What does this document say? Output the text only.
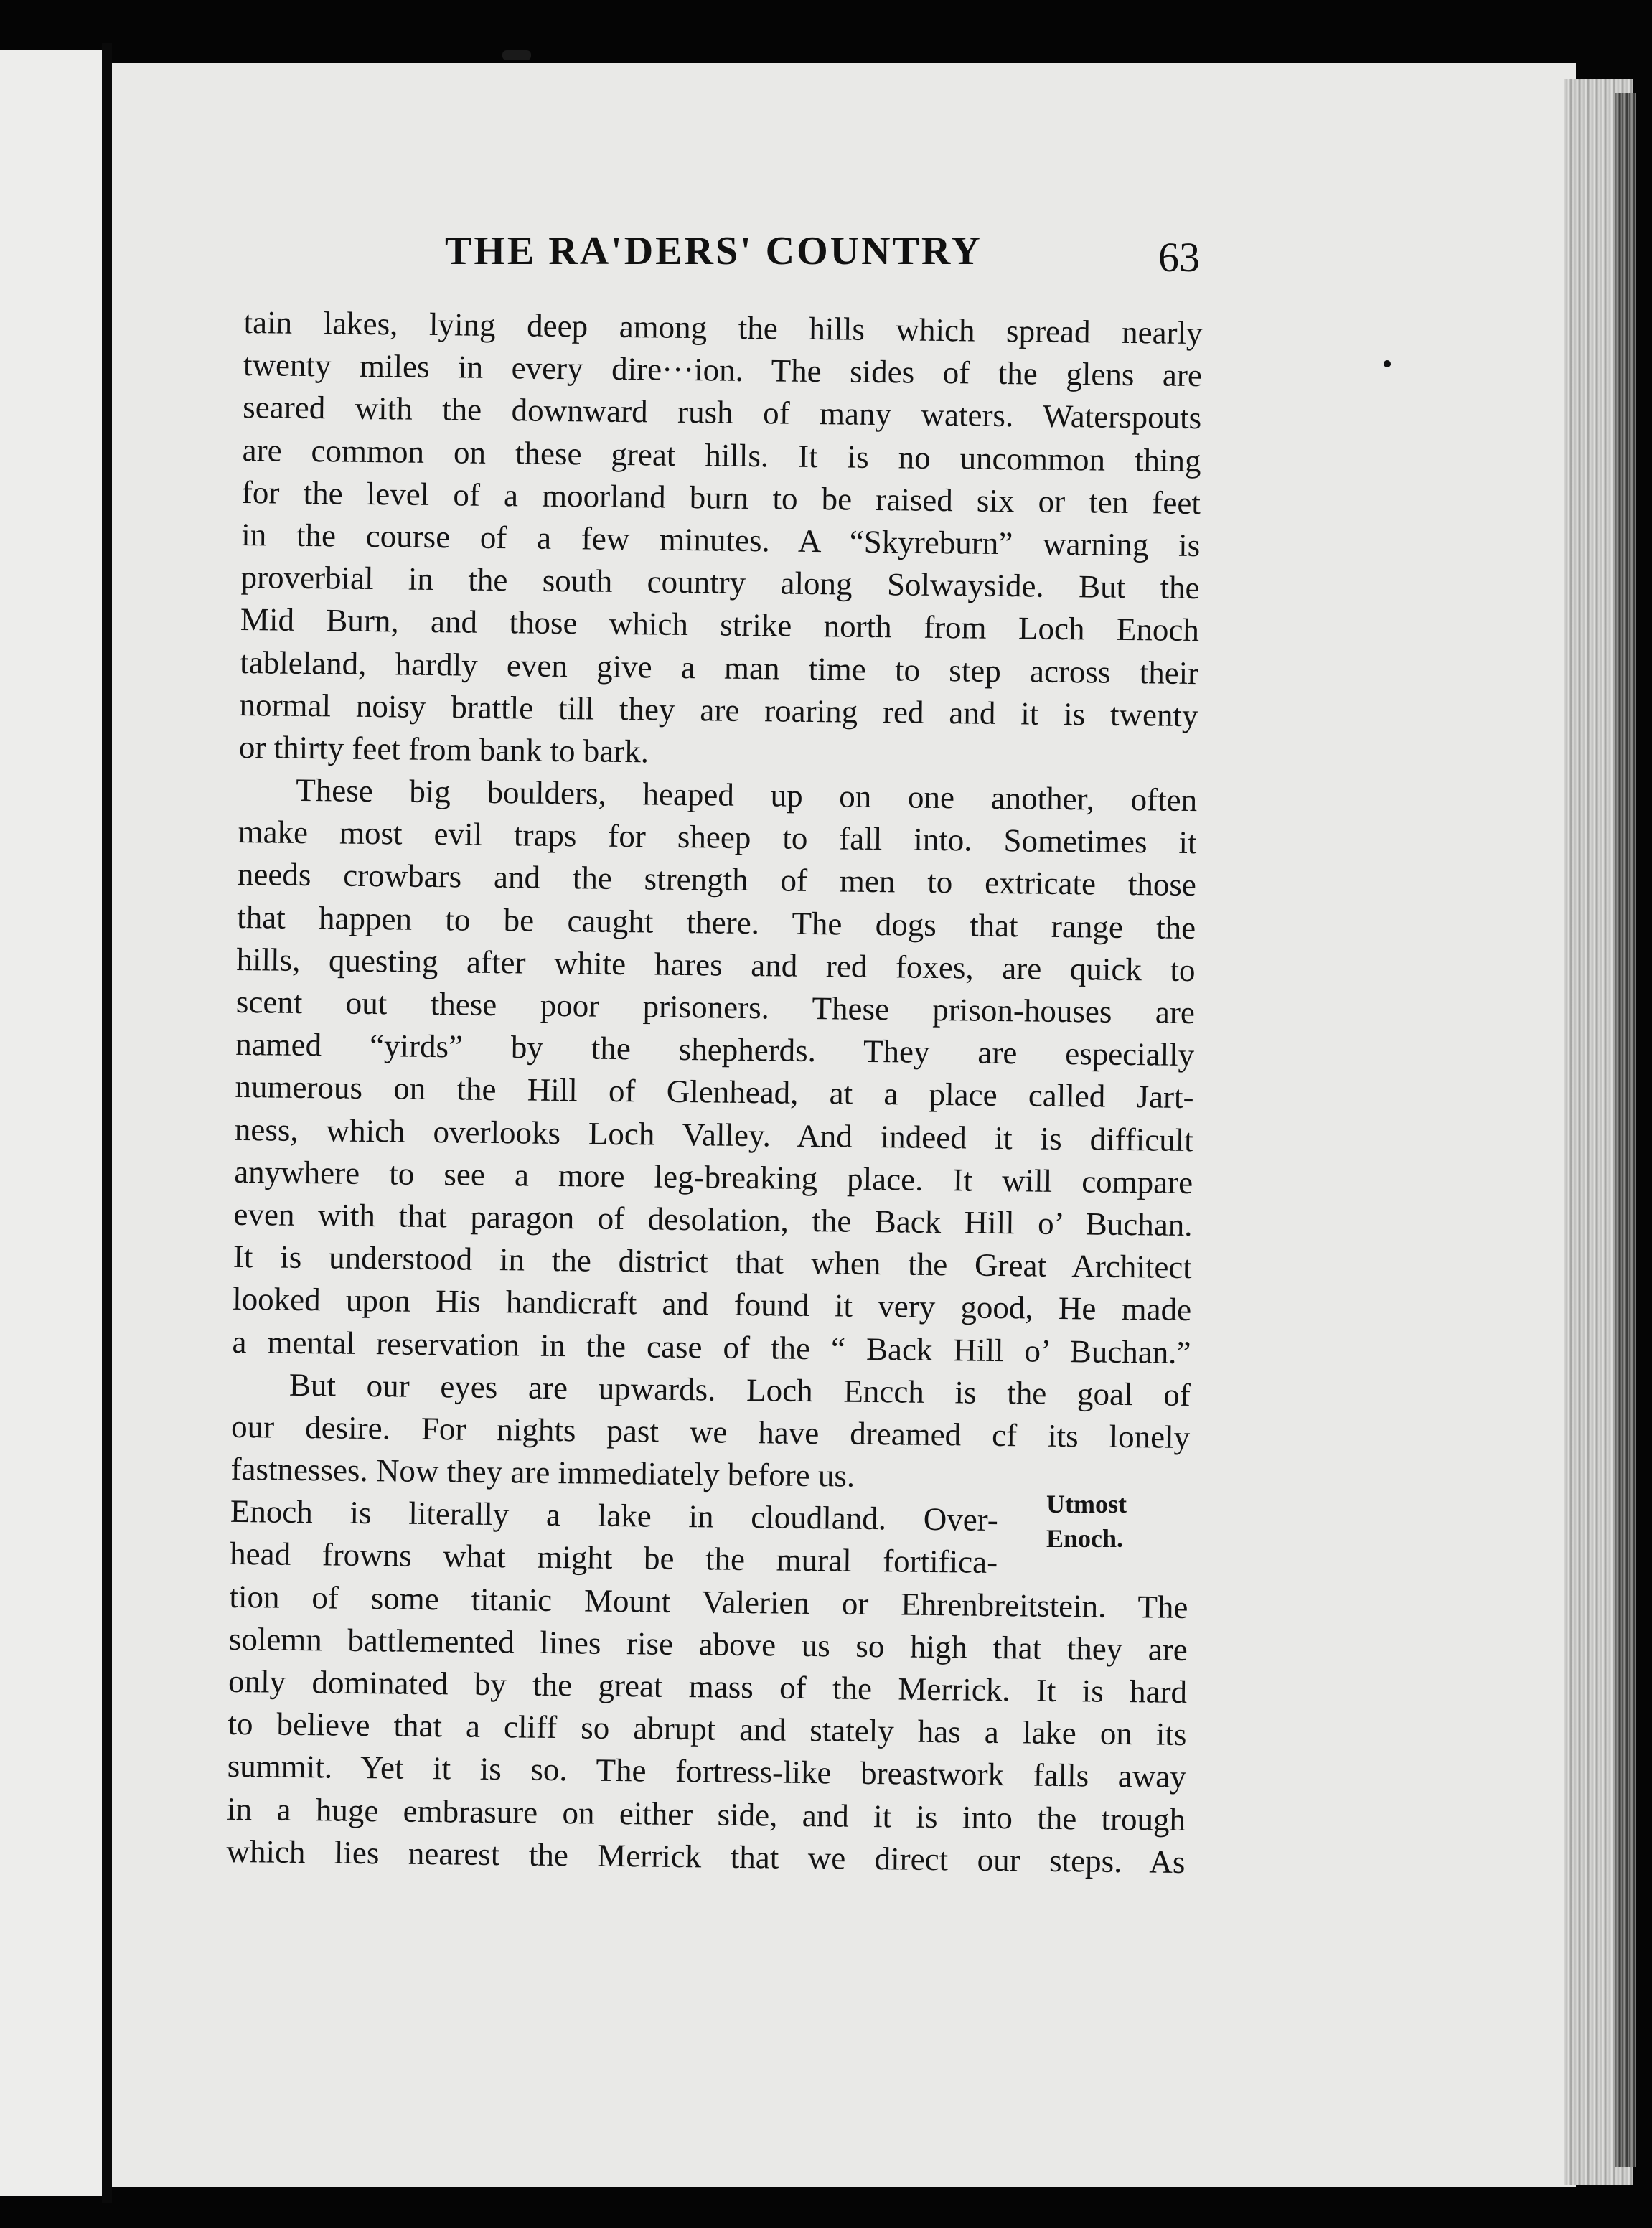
THE RA'DERS' COUNTRY	63
tain lakes, lying deep among the hills which spread nearly
twenty miles in every dire···ion. The sides of the glens are
seared with the downward rush of many waters. Waterspouts
are common on these great hills. It is no uncommon thing
for the level of a moorland burn to be raised six or ten feet
in the course of a few minutes. A “Skyreburn” warning is
proverbial in the south country along Solwayside. But the
Mid Burn, and those which strike north from Loch Enoch
tableland, hardly even give a man time to step across their
normal noisy brattle till they are roaring red and it is twenty
or thirty feet from bank to bark.
These big boulders, heaped up on one another, often
make most evil traps for sheep to fall into. Sometimes it
needs crowbars and the strength of men to extricate those
that happen to be caught there. The dogs that range the
hills, questing after white hares and red foxes, are quick to
scent out these poor prisoners. These prison-houses are
named “yirds” by the shepherds. They are especially
numerous on the Hill of Glenhead, at a place called Jart-
ness, which overlooks Loch Valley. And indeed it is difficult
anywhere to see a more leg-breaking place. It will compare
even with that paragon of desolation, the Back Hill o’ Buchan.
It is understood in the district that when the Great Architect
looked upon His handicraft and found it very good, He made
a mental reservation in the case of the “ Back Hill o’ Buchan.”
But our eyes are upwards. Loch Encch is the goal of
our desire. For nights past we have dreamed cf its lonely
fastnesses. Now they are immediately before us.
Enoch is literally a lake in cloudland. Over-
head frowns what might be the mural fortifica-
tion of some titanic Mount Valerien or Ehrenbreitstein. The
solemn battlemented lines rise above us so high that they are
only dominated by the great mass of the Merrick. It is hard
to believe that a cliff so abrupt and stately has a lake on its
summit. Yet it is so. The fortress-like breastwork falls away
in a huge embrasure on either side, and it is into the trough
which lies nearest the Merrick that we direct our steps. As
Utmost
Enoch.
